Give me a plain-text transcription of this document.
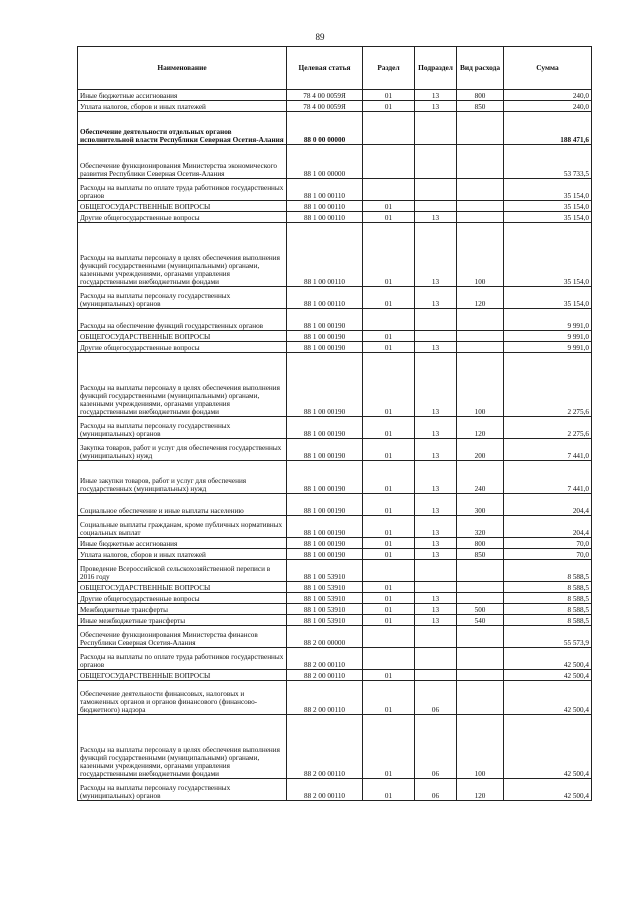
89
Наименование	Целевая статья	Раздел	Подраздел	Вид расхода	Сумма
Иные бюджетные ассигнования	78 4 00 0059Я	01	13	800	240,0
Уплата налогов, сборов и иных платежей	78 4 00 0059Я	01	13	850	240,0
Обеспечение деятельности отдельных органов исполнительной власти Республики Северная Осетия-Алания	88 0 00 00000				188 471,6
Обеспечение функционирования Министерства экономического развития Республики Северная Осетия-Алания	88 1 00 00000				53 733,5
Расходы на выплаты по оплате труда работников государственных органов	88 1 00 00110				35 154,0
ОБЩЕГОСУДАРСТВЕННЫЕ ВОПРОСЫ	88 1 00 00110	01			35 154,0
Другие общегосударственные вопросы	88 1 00 00110	01	13		35 154,0
Расходы на выплаты персоналу в целях обеспечения выполнения функций государственными (муниципальными) органами, казенными учреждениями, органами управления государственными внебюджетными фондами	88 1 00 00110	01	13	100	35 154,0
Расходы на выплаты персоналу государственных (муниципальных) органов	88 1 00 00110	01	13	120	35 154,0
Расходы на обеспечение функций государственных органов	88 1 00 00190				9 991,0
ОБЩЕГОСУДАРСТВЕННЫЕ ВОПРОСЫ	88 1 00 00190	01			9 991,0
Другие общегосударственные вопросы	88 1 00 00190	01	13		9 991,0
Расходы на выплаты персоналу в целях обеспечения выполнения функций государственными (муниципальными) органами, казенными учреждениями, органами управления государственными внебюджетными фондами	88 1 00 00190	01	13	100	2 275,6
Расходы на выплаты персоналу государственных (муниципальных) органов	88 1 00 00190	01	13	120	2 275,6
Закупка товаров, работ и услуг для обеспечения государственных (муниципальных) нужд	88 1 00 00190	01	13	200	7 441,0
Иные закупки товаров, работ и услуг для обеспечения государственных (муниципальных) нужд	88 1 00 00190	01	13	240	7 441,0
Социальное обеспечение и иные выплаты населению	88 1 00 00190	01	13	300	204,4
Социальные выплаты гражданам, кроме публичных нормативных социальных выплат	88 1 00 00190	01	13	320	204,4
Иные бюджетные ассигнования	88 1 00 00190	01	13	800	70,0
Уплата налогов, сборов и иных платежей	88 1 00 00190	01	13	850	70,0
Проведение Всероссийской сельскохозяйственной переписи в 2016 году	88 1 00 53910				8 588,5
ОБЩЕГОСУДАРСТВЕННЫЕ ВОПРОСЫ	88 1 00 53910	01			8 588,5
Другие общегосударственные вопросы	88 1 00 53910	01	13		8 588,5
Межбюджетные трансферты	88 1 00 53910	01	13	500	8 588,5
Иные межбюджетные трансферты	88 1 00 53910	01	13	540	8 588,5
Обеспечение функционирования Министерства финансов Республики Северная Осетия-Алания	88 2 00 00000				55 573,9
Расходы на выплаты по оплате труда работников государственных органов	88 2 00 00110				42 500,4
ОБЩЕГОСУДАРСТВЕННЫЕ ВОПРОСЫ	88 2 00 00110	01			42 500,4
Обеспечение деятельности финансовых, налоговых и таможенных органов и органов финансового (финансово-бюджетного) надзора	88 2 00 00110	01	06		42 500,4
Расходы на выплаты персоналу в целях обеспечения выполнения функций государственными (муниципальными) органами, казенными учреждениями, органами управления государственными внебюджетными фондами	88 2 00 00110	01	06	100	42 500,4
Расходы на выплаты персоналу государственных (муниципальных) органов	88 2 00 00110	01	06	120	42 500,4
